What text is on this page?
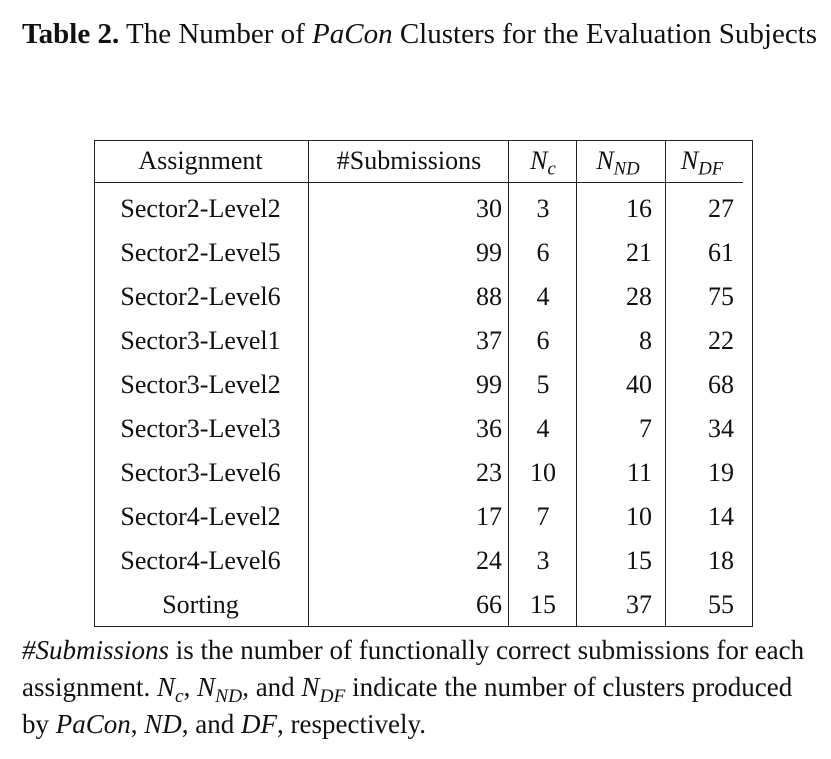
Table 2. The Number of PaCon Clusters for the Evaluation Subjects
Assignment	#Submissions	$N_c$	$N_{ND}$	$N_{DF}$
Sector2-Level2	30	3	16	27
Sector2-Level5	99	6	21	61
Sector2-Level6	88	4	28	75
Sector3-Level1	37	6	8	22
Sector3-Level2	99	5	40	68
Sector3-Level3	36	4	7	34
Sector3-Level6	23	10	11	19
Sector4-Level2	17	7	10	14
Sector4-Level6	24	3	15	18
Sorting	66	15	37	55
#Submissions is the number of functionally correct submissions for each assignment. $N_c$, $N_{ND}$, and $N_{DF}$ indicate the number of clusters produced by PaCon, ND, and DF, respectively.
